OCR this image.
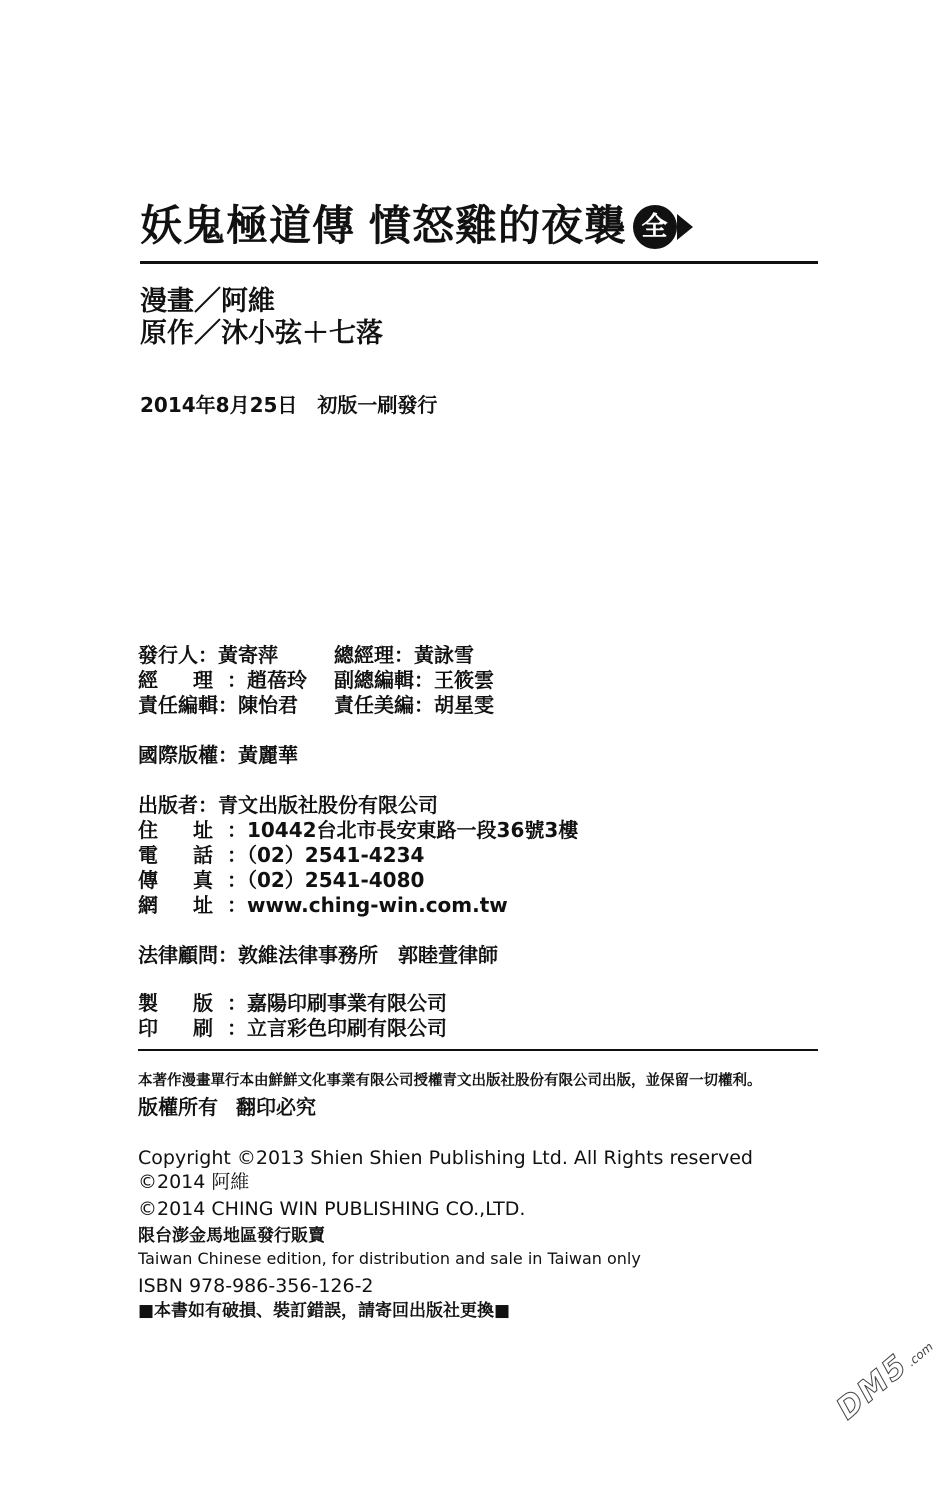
妖鬼極道傳 憤怒雞的夜襲 全
漫畫／阿維
原作／沐小弦＋七落
2014年8月25日 初版一刷發行
發行人：黃寄萍	總經理：黃詠雪
經 理：趙蓓玲 副總編輯：王筱雲
責任編輯：陳怡君 責任美編：胡星雯
國際版權：黃麗華
出版者：青文出版社股份有限公司
住 址：10442台北市長安東路一段36號3樓
電 話：（02）2541-4234
傳 真：（02）2541-4080
網 址：www.ching-win.com.tw
法律顧問：敦維法律事務所　郭睦萱律師
製 版：嘉陽印刷事業有限公司
印 刷：立言彩色印刷有限公司
本著作漫畫單行本由鮮鮮文化事業有限公司授權青文出版社股份有限公司出版，並保留一切權利。
版權所有 翻印必究
Copyright ©2013 Shien Shien Publishing Ltd. All Rights reserved
©2014 阿維
©2014 CHING WIN PUBLISHING CO.,LTD.
限台澎金馬地區發行販賣
Taiwan Chinese edition, for distribution and sale in Taiwan only
ISBN 978-986-356-126-2
■本書如有破損、裝訂錯誤，請寄回出版社更換■
DM5.com
